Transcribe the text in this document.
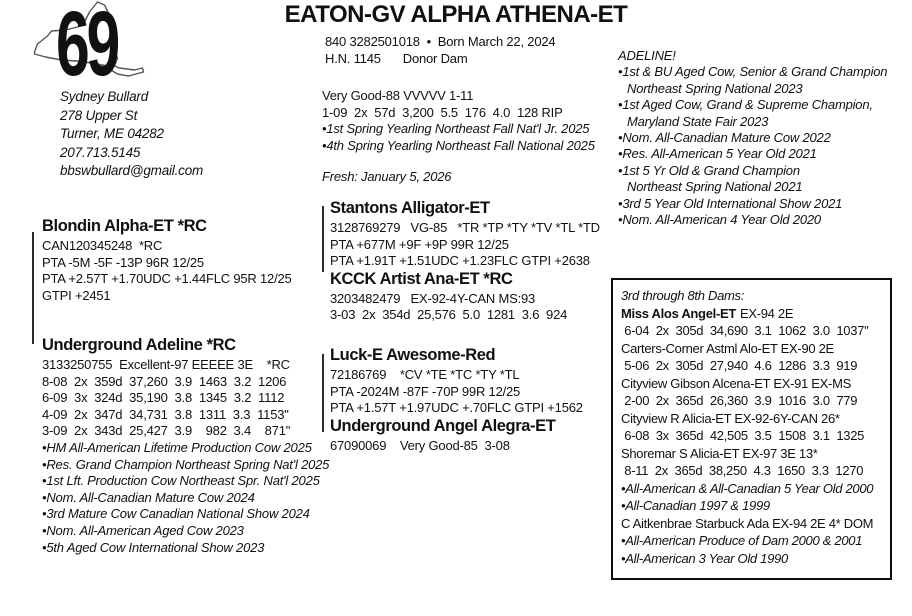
69
Sydney Bullard
278 Upper St
Turner, ME 04282
207.713.5145
bbswbullard@gmail.com
EATON-GV ALPHA ATHENA-ET
840 3282501018  •  Born March 22, 2024
H.N. 1145 Donor Dam
Very Good-88 VVVVV 1-11
1-09  2x  57d  3,200  5.5  176  4.0  128 RIP
•1st Spring Yearling Northeast Fall Nat'l Jr. 2025
•4th Spring Yearling Northeast Fall National 2025
Fresh: January 5, 2026
ADELINE!
•1st & BU Aged Cow, Senior & Grand Champion
Northeast Spring National 2023
•1st Aged Cow, Grand & Supreme Champion,
Maryland State Fair 2023
•Nom. All-Canadian Mature Cow 2022
•Res. All-American 5 Year Old 2021
•1st 5 Yr Old & Grand Champion
Northeast Spring National 2021
•3rd 5 Year Old International Show 2021
•Nom. All-American 4 Year Old 2020
Blondin Alpha-ET *RC
CAN120345248  *RC
PTA -5M -5F -13P 96R 12/25
PTA +2.57T +1.70UDC +1.44FLC 95R 12/25
GTPI +2451
Underground Adeline *RC
3133250755  Excellent-97 EEEEE 3E    *RC
8-08  2x  359d  37,260  3.9  1463  3.2  1206
6-09  3x  324d  35,190  3.8  1345  3.2  1112
4-09  2x  347d  34,731  3.8  1311  3.3  1153"
3-09  2x  343d  25,427  3.9    982  3.4    871"
•HM All-American Lifetime Production Cow 2025
•Res. Grand Champion Northeast Spring Nat'l 2025
•1st Lft. Production Cow Northeast Spr. Nat'l 2025
•Nom. All-Canadian Mature Cow 2024
•3rd Mature Cow Canadian National Show 2024
•Nom. All-American Aged Cow 2023
•5th Aged Cow International Show 2023
Stantons Alligator-ET
3128769279   VG-85   *TR *TP *TY *TV *TL *TD
PTA +677M +9F +9P 99R 12/25
PTA +1.91T +1.51UDC +1.23FLC GTPI +2638
KCCK Artist Ana-ET *RC
3203482479   EX-92-4Y-CAN MS:93
3-03  2x  354d  25,576  5.0  1281  3.6  924
Luck-E Awesome-Red
72186769    *CV *TE *TC *TY *TL
PTA -2024M -87F -70P 99R 12/25
PTA +1.57T +1.97UDC +.70FLC GTPI +1562
Underground Angel Alegra-ET
67090069    Very Good-85  3-08
3rd through 8th Dams:
Miss Alos Angel-ET EX-94 2E
6-04  2x  305d  34,690  3.1  1062  3.0  1037"
Carters-Corner Astml Alo-ET EX-90 2E
5-06  2x  305d  27,940  4.6  1286  3.3  919
Cityview Gibson Alcena-ET EX-91 EX-MS
2-00  2x  365d  26,360  3.9  1016  3.0  779
Cityview R Alicia-ET EX-92-6Y-CAN 26*
6-08  3x  365d  42,505  3.5  1508  3.1  1325
Shoremar S Alicia-ET EX-97 3E 13*
8-11  2x  365d  38,250  4.3  1650  3.3  1270
•All-American & All-Canadian 5 Year Old 2000
•All-Canadian 1997 & 1999
C Aitkenbrae Starbuck Ada EX-94 2E 4* DOM
•All-American Produce of Dam 2000 & 2001
•All-American 3 Year Old 1990
